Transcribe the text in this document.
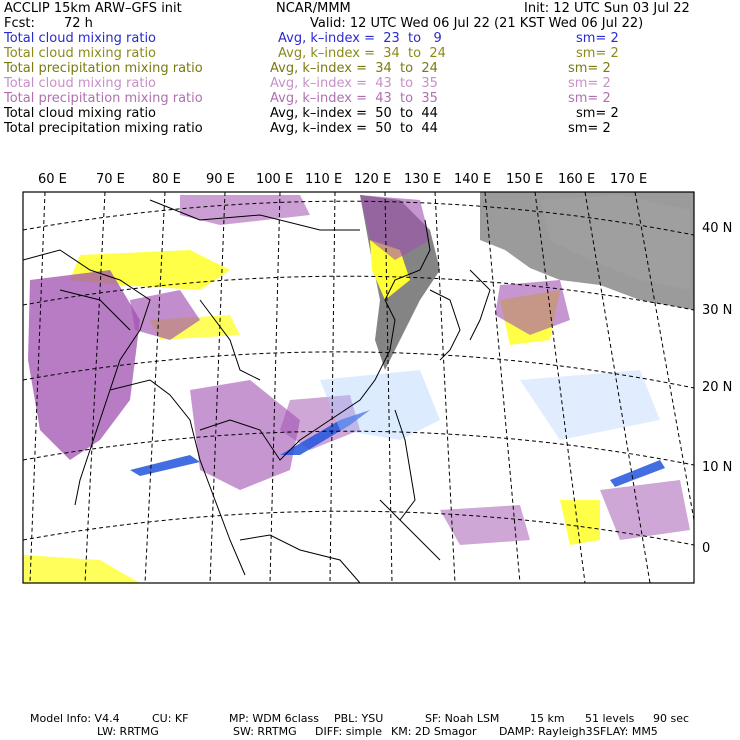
ACCLIP 15km ARW–GFS init	NCAR/MMM	Init: 12 UTC Sun 03 Jul 22
Fcst: 72 h	Valid: 12 UTC Wed 06 Jul 22 (21 KST Wed 06 Jul 22)
Total cloud mixing ratio	Avg, k–index =  23  to   9	sm= 2
Total cloud mixing ratio	Avg, k–index =  34  to  24	sm= 2
Total precipitation mixing ratio	Avg, k–index =  34  to  24	sm= 2
Total cloud mixing ratio	Avg, k–index =  43  to  35	sm= 2
Total precipitation mixing ratio	Avg, k–index =  43  to  35	sm= 2
Total cloud mixing ratio	Avg, k–index =  50  to  44	sm= 2
Total precipitation mixing ratio	Avg, k–index =  50  to  44	sm= 2
60 E 70 E 80 E 90 E 100 E 110 E 120 E 130 E 140 E 150 E 160 E 170 E
40 N
30 N
20 N
10 N
0
Model Info: V4.4	CU: KF	MP: WDM 6class PBL: YSU	SF: Noah LSM	15 km 51 levels 90 sec
LW: RRTMG	SW: RRTMG DIFF: simple KM: 2D Smagor DAMP: Rayleigh3 SFLAY: MM5
